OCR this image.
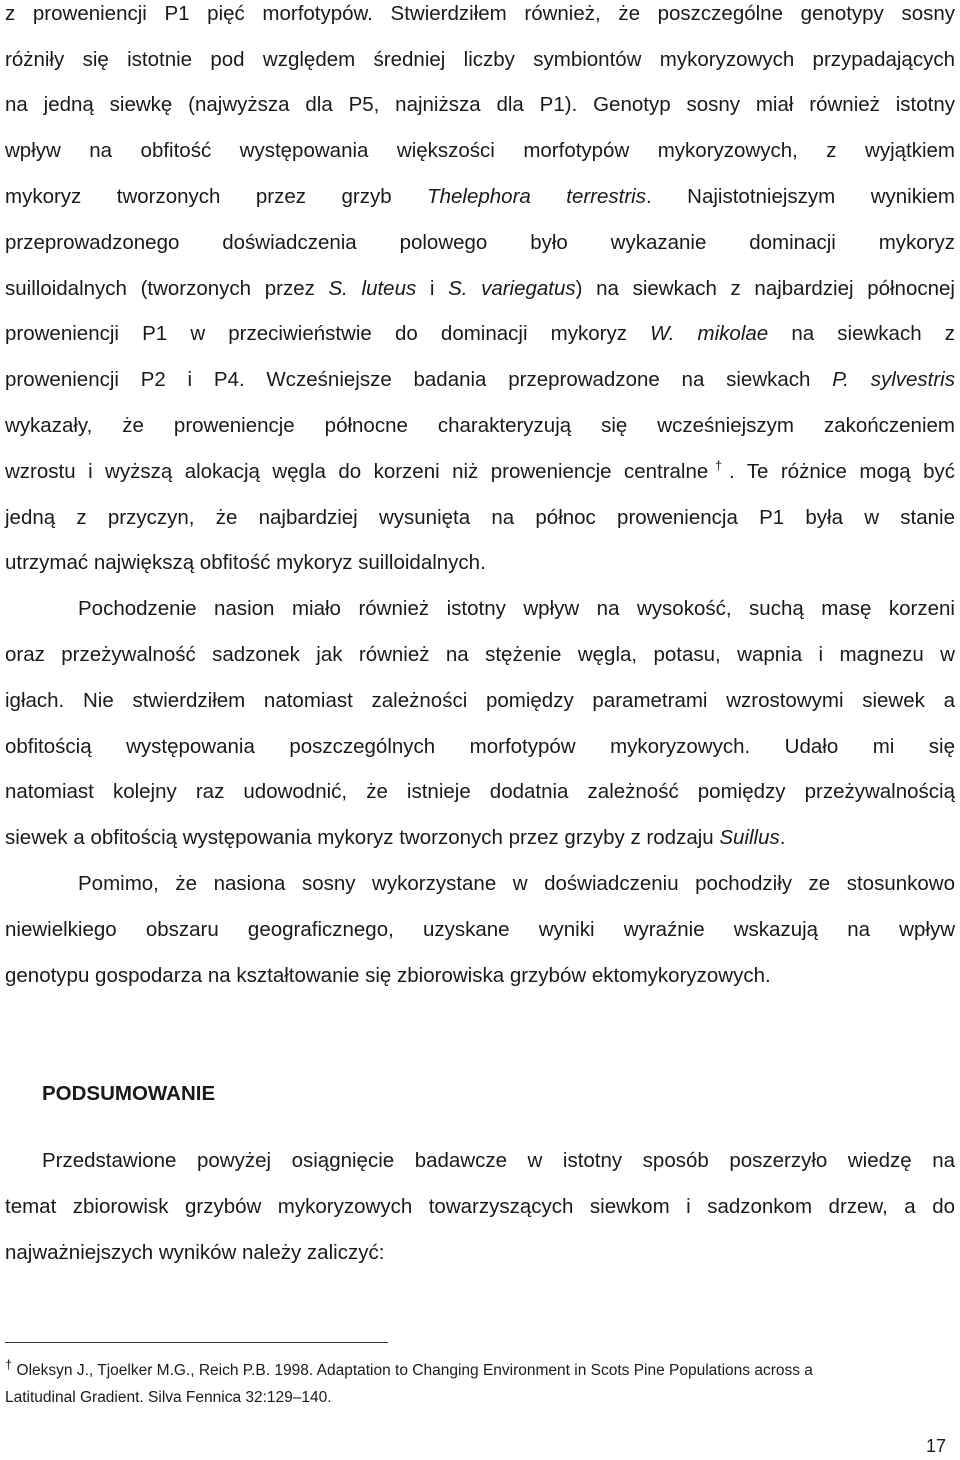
z proweniencji P1 pięć morfotypów. Stwierdziłem również, że poszczególne genotypy sosny
różniły się istotnie pod względem średniej liczby symbiontów mykoryzowych przypadających
na jedną siewkę (najwyższa dla P5, najniższa dla P1). Genotyp sosny miał również istotny
wpływ na obfitość występowania większości morfotypów mykoryzowych, z wyjątkiem
mykoryz tworzonych przez grzyb Thelephora terrestris. Najistotniejszym wynikiem
przeprowadzonego doświadczenia polowego było wykazanie dominacji mykoryz
suilloidalnych (tworzonych przez S. luteus i S. variegatus) na siewkach z najbardziej północnej
proweniencji P1 w przeciwieństwie do dominacji mykoryz W. mikolae na siewkach z
proweniencji P2 i P4. Wcześniejsze badania przeprowadzone na siewkach P. sylvestris
wykazały, że proweniencje północne charakteryzują się wcześniejszym zakończeniem
wzrostu i wyższą alokacją węgla do korzeni niż proweniencje centralne†. Te różnice mogą być
jedną z przyczyn, że najbardziej wysunięta na północ proweniencja P1 była w stanie
utrzymać największą obfitość mykoryz suilloidalnych.
Pochodzenie nasion miało również istotny wpływ na wysokość, suchą masę korzeni
oraz przeżywalność sadzonek jak również na stężenie węgla, potasu, wapnia i magnezu w
igłach. Nie stwierdziłem natomiast zależności pomiędzy parametrami wzrostowymi siewek a
obfitością występowania poszczególnych morfotypów mykoryzowych. Udało mi się
natomiast kolejny raz udowodnić, że istnieje dodatnia zależność pomiędzy przeżywalnością
siewek a obfitością występowania mykoryz tworzonych przez grzyby z rodzaju Suillus.
Pomimo, że nasiona sosny wykorzystane w doświadczeniu pochodziły ze stosunkowo
niewielkiego obszaru geograficznego, uzyskane wyniki wyraźnie wskazują na wpływ
genotypu gospodarza na kształtowanie się zbiorowiska grzybów ektomykoryzowych.
PODSUMOWANIE
Przedstawione powyżej osiągnięcie badawcze w istotny sposób poszerzyło wiedzę na
temat zbiorowisk grzybów mykoryzowych towarzyszących siewkom i sadzonkom drzew, a do
najważniejszych wyników należy zaliczyć:
† Oleksyn J., Tjoelker M.G., Reich P.B. 1998. Adaptation to Changing Environment in Scots Pine Populations across a
Latitudinal Gradient. Silva Fennica 32:129–140.
17
